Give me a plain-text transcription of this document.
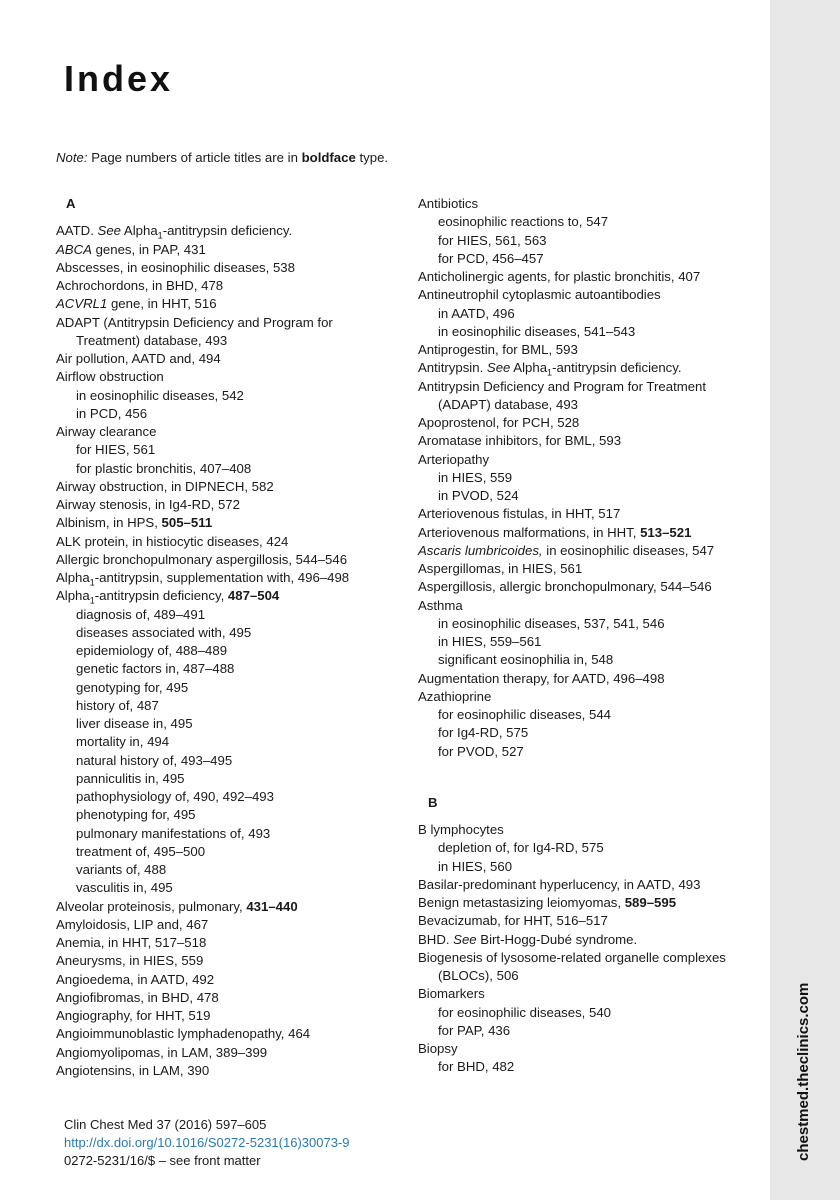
Index
Note: Page numbers of article titles are in boldface type.
A
AATD. See Alpha$_1$-antitrypsin deficiency.
ABCA genes, in PAP, 431
Abscesses, in eosinophilic diseases, 538
Achrochordons, in BHD, 478
ACVRL1 gene, in HHT, 516
ADAPT (Antitrypsin Deficiency and Program for
Treatment) database, 493
Air pollution, AATD and, 494
Airflow obstruction
in eosinophilic diseases, 542
in PCD, 456
Airway clearance
for HIES, 561
for plastic bronchitis, 407–408
Airway obstruction, in DIPNECH, 582
Airway stenosis, in Ig4-RD, 572
Albinism, in HPS, 505–511
ALK protein, in histiocytic diseases, 424
Allergic bronchopulmonary aspergillosis, 544–546
Alpha$_1$-antitrypsin, supplementation with, 496–498
Alpha$_1$-antitrypsin deficiency, 487–504
diagnosis of, 489–491
diseases associated with, 495
epidemiology of, 488–489
genetic factors in, 487–488
genotyping for, 495
history of, 487
liver disease in, 495
mortality in, 494
natural history of, 493–495
panniculitis in, 495
pathophysiology of, 490, 492–493
phenotyping for, 495
pulmonary manifestations of, 493
treatment of, 495–500
variants of, 488
vasculitis in, 495
Alveolar proteinosis, pulmonary, 431–440
Amyloidosis, LIP and, 467
Anemia, in HHT, 517–518
Aneurysms, in HIES, 559
Angioedema, in AATD, 492
Angiofibromas, in BHD, 478
Angiography, for HHT, 519
Angioimmunoblastic lymphadenopathy, 464
Angiomyolipomas, in LAM, 389–399
Angiotensins, in LAM, 390
Antibiotics
eosinophilic reactions to, 547
for HIES, 561, 563
for PCD, 456–457
Anticholinergic agents, for plastic bronchitis, 407
Antineutrophil cytoplasmic autoantibodies
in AATD, 496
in eosinophilic diseases, 541–543
Antiprogestin, for BML, 593
Antitrypsin. See Alpha$_1$-antitrypsin deficiency.
Antitrypsin Deficiency and Program for Treatment
(ADAPT) database, 493
Apoprostenol, for PCH, 528
Aromatase inhibitors, for BML, 593
Arteriopathy
in HIES, 559
in PVOD, 524
Arteriovenous fistulas, in HHT, 517
Arteriovenous malformations, in HHT, 513–521
Ascaris lumbricoides, in eosinophilic diseases, 547
Aspergillomas, in HIES, 561
Aspergillosis, allergic bronchopulmonary, 544–546
Asthma
in eosinophilic diseases, 537, 541, 546
in HIES, 559–561
significant eosinophilia in, 548
Augmentation therapy, for AATD, 496–498
Azathioprine
for eosinophilic diseases, 544
for Ig4-RD, 575
for PVOD, 527
B
B lymphocytes
depletion of, for Ig4-RD, 575
in HIES, 560
Basilar-predominant hyperlucency, in AATD, 493
Benign metastasizing leiomyomas, 589–595
Bevacizumab, for HHT, 516–517
BHD. See Birt-Hogg-Dubé syndrome.
Biogenesis of lysosome-related organelle complexes
(BLOCs), 506
Biomarkers
for eosinophilic diseases, 540
for PAP, 436
Biopsy
for BHD, 482
Clin Chest Med 37 (2016) 597–605
http://dx.doi.org/10.1016/S0272-5231(16)30073-9
0272-5231/16/$ – see front matter	chestmed.theclinics.com
